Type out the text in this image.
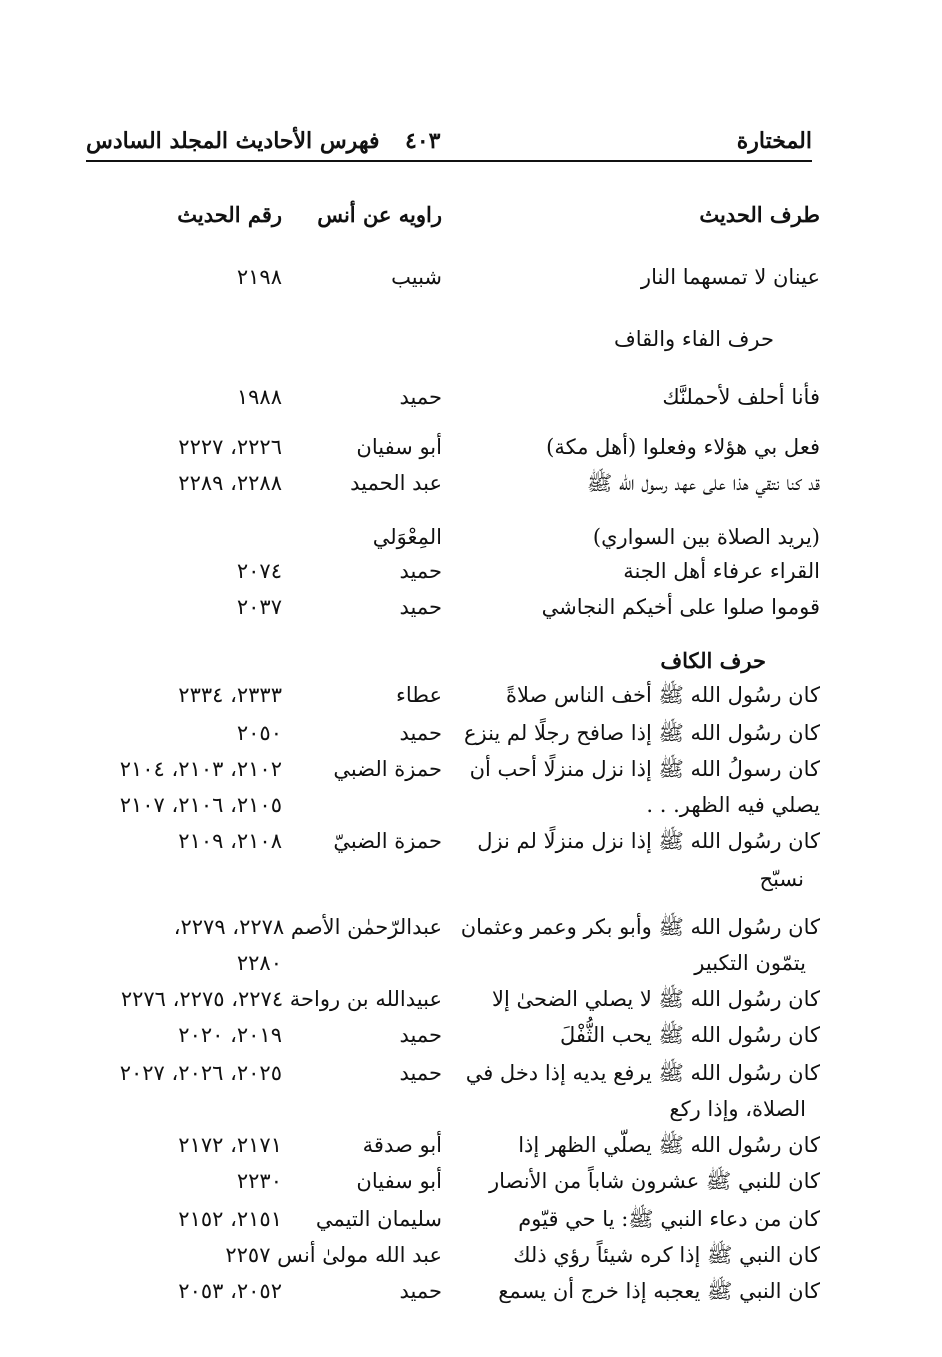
المختارة
٤٠٣
فهرس الأحاديث المجلد السادس
طرف الحديث
راويه عن أنس
رقم الحديث
عينان لا تمسهما النار
شبيب
٢١٩٨
حرف الفاء والقاف
فأنا أحلف لأحملنَّك
حميد
١٩٨٨
فعل بي هؤلاء وفعلوا (أهل مكة)
أبو سفيان
٢٢٢٦، ٢٢٢٧
قد كنا نتقي هذا على عهد رسول الله ﷺ
عبد الحميد
٢٢٨٨، ٢٢٨٩
(يريد الصلاة بين السواري)
المِعْوَلي
القراء عرفاء أهل الجنة
حميد
٢٠٧٤
قوموا صلوا على أخيكم النجاشي
حميد
٢٠٣٧
حرف الكاف
كان رسُول الله ﷺ أخف الناس صلاةً
عطاء
٢٣٣٣، ٢٣٣٤
كان رسُول الله ﷺ إذا صافح رجلًا لم ينزع
حميد
٢٠٥٠
كان رسولُ الله ﷺ إذا نزل منزلًا أحب أن
حمزة الضبي
٢١٠٢، ٢١٠٣، ٢١٠٤
يصلي فيه الظهر. . .
٢١٠٥، ٢١٠٦، ٢١٠٧
كان رسُول الله ﷺ إذا نزل منزلًا لم نزل
حمزة الضبيّ
٢١٠٨، ٢١٠٩
نسبّح
كان رسُول الله ﷺ وأبو بكر وعمر وعثمان
عبدالرّحمٰن الأصم ٢٢٧٨، ٢٢٧٩،
يتمّون التكبير
٢٢٨٠
كان رسُول الله ﷺ لا يصلي الضحىٰ إلا
عبيدالله بن رواحة ٢٢٧٤، ٢٢٧٥، ٢٢٧٦
كان رسُول الله ﷺ يحب الثُّفْلَ
حميد
٢٠١٩، ٢٠٢٠
كان رسُول الله ﷺ يرفع يديه إذا دخل في
حميد
٢٠٢٥، ٢٠٢٦، ٢٠٢٧
الصلاة، وإذا ركع
كان رسُول الله ﷺ يصلّي الظهر إذا
أبو صدقة
٢١٧١، ٢١٧٢
كان للنبي ﷺ عشرون شاباً من الأنصار
أبو سفيان
٢٢٣٠
كان من دعاء النبي ﷺ: يا حي قيّوم
سليمان التيمي
٢١٥١، ٢١٥٢
كان النبي ﷺ إذا كره شيئاً رؤي ذلك
عبد الله مولىٰ أنس ٢٢٥٧
كان النبي ﷺ يعجبه إذا خرج أن يسمع
حميد
٢٠٥٢، ٢٠٥٣
